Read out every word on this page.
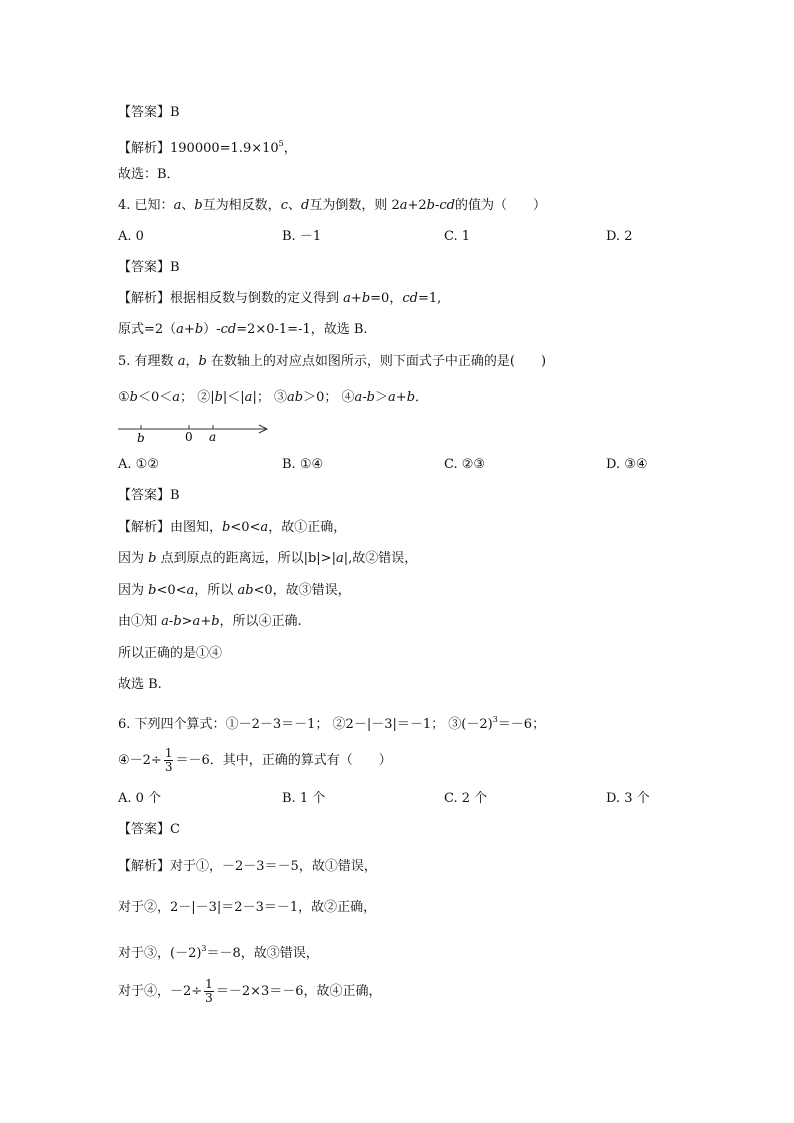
【答案】B
【解析】$190000=1.9\times 10^5$，
故选：B．
4. 已知：a、b互为相反数，c、d互为倒数，则 2a+2b-cd的值为（　　）
A. 0	B. －1	C. 1	D. 2
【答案】B
【解析】根据相反数与倒数的定义得到 a+b=0，cd=1,
原式=2（a+b）-cd=2×0-1=-1，故选 B.
5. 有理数 a，b 在数轴上的对应点如图所示，则下面式子中正确的是(　　)
①b＜0＜a； ②|b|＜|a|； ③ab＞0； ④a-b＞a+b．
b	0 a
A. ①②	B. ①④	C. ②③	D. ③④
【答案】B
【解析】由图知，b<0<a，故①正确，
因为 b 点到原点的距离远，所以|b|>|a|,故②错误，
因为 b<0<a，所以 ab<0，故③错误，
由①知 a-b>a+b，所以④正确.
所以正确的是①④
故选 B.
6. 下列四个算式：①－2－3＝－1； ②2－|－3|＝－1； $③(-2)^3=-6$；
④－2÷ $\frac{1}{3} =-6$．其中，正确的算式有（　　）
A. 0 个	B. 1 个	C. 2 个	D. 3 个
【答案】C
【解析】对于①，－2－3＝－5，故①错误，
对于②，2－|－3|＝2－3＝－1，故②正确，
对于③，$(-2)^3=-8$，故③错误，
对于④，$-2\div \frac{1}{3} =-2\times 3=-6$，故④正确，
